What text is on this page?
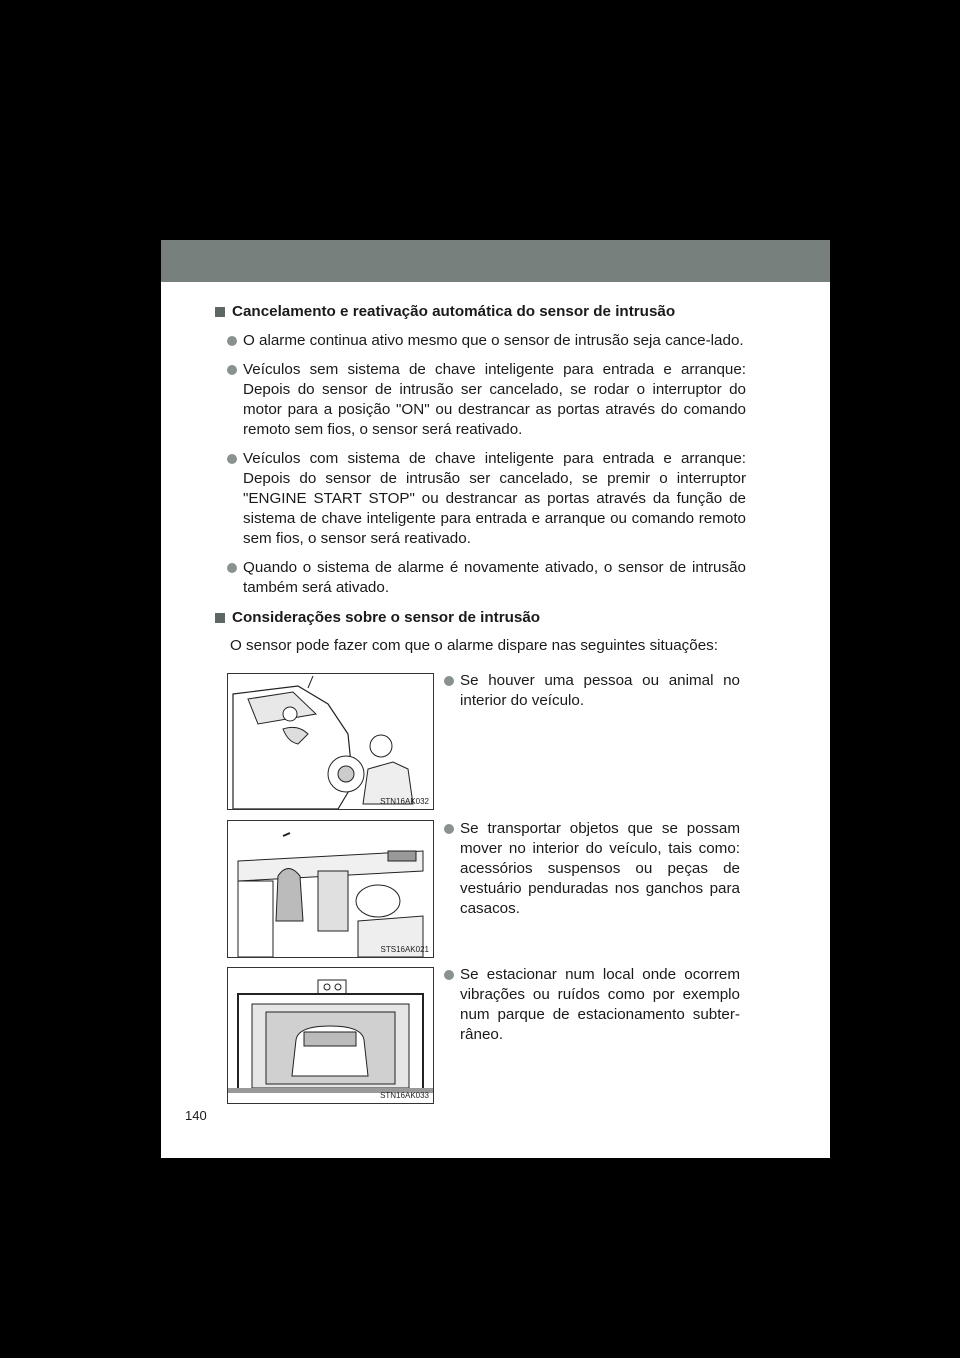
Cancelamento e reativação automática do sensor de intrusão
O alarme continua ativo mesmo que o sensor de intrusão seja cance-lado.
Veículos sem sistema de chave inteligente para entrada e arranque: Depois do sensor de intrusão ser cancelado, se rodar o interruptor do motor para a posição "ON" ou destrancar as portas através do comando remoto sem fios, o sensor será reativado.
Veículos com sistema de chave inteligente para entrada e arranque: Depois do sensor de intrusão ser cancelado, se premir o interruptor "ENGINE START STOP" ou destrancar as portas através da função de sistema de chave inteligente para entrada e arranque ou comando remoto sem fios, o sensor será reativado.
Quando o sistema de alarme é novamente ativado, o sensor de intrusão também será ativado.
Considerações sobre o sensor de intrusão
O sensor pode fazer com que o alarme dispare nas seguintes situações:
STN16AK032
Se houver uma pessoa ou animal no interior do veículo.
STS16AK021
Se transportar objetos que se possam mover no interior do veículo, tais como: acessórios suspensos ou peças de vestuário penduradas nos ganchos para casacos.
STN16AK033
Se estacionar num local onde ocorrem vibrações ou ruídos como por exemplo num parque de estacionamento subter-râneo.
140
